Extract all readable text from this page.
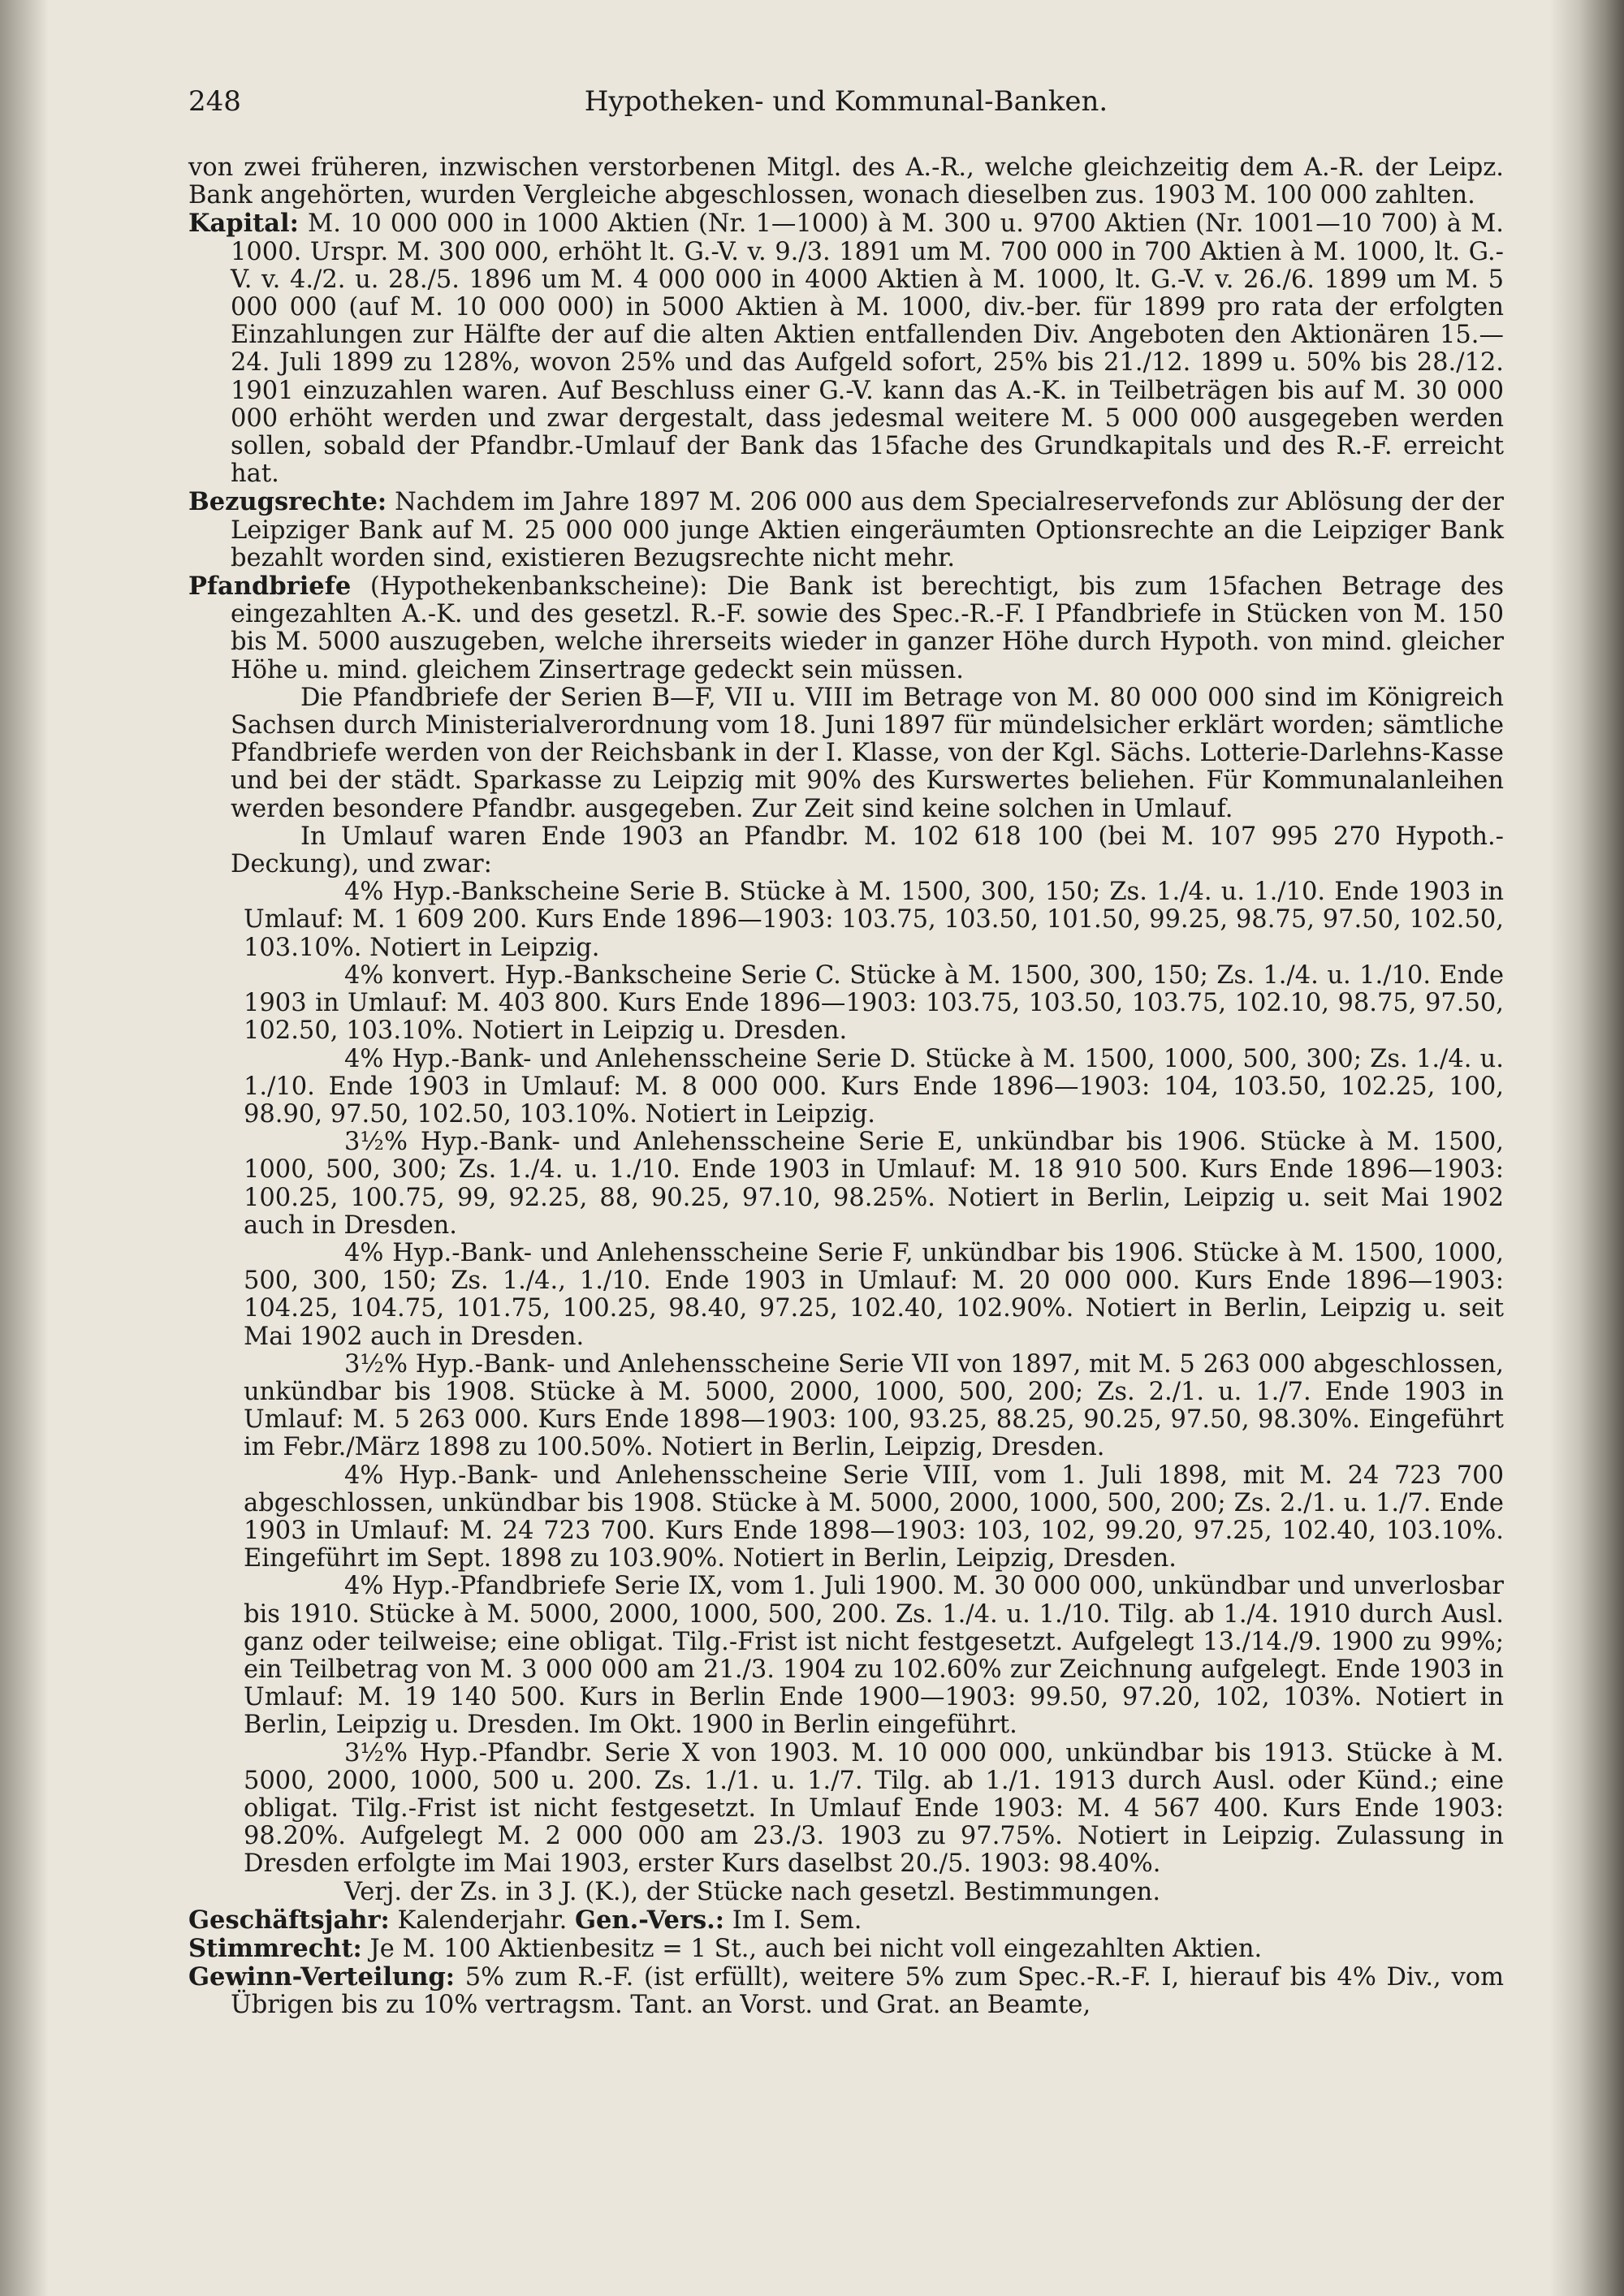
248	Hypotheken- und Kommunal-Banken.

von zwei früheren, inzwischen verstorbenen Mitgl. des A.-R., welche gleichzeitig dem A.-R. der Leipz. Bank angehörten, wurden Vergleiche abgeschlossen, wonach dieselben zus. 1903 M. 100 000 zahlten.

Kapital: M. 10 000 000 in 1000 Aktien (Nr. 1—1000) à M. 300 u. 9700 Aktien (Nr. 1001—10 700) à M. 1000. Urspr. M. 300 000, erhöht lt. G.-V. v. 9./3. 1891 um M. 700 000 in 700 Aktien à M. 1000, lt. G.-V. v. 4./2. u. 28./5. 1896 um M. 4 000 000 in 4000 Aktien à M. 1000, lt. G.-V. v. 26./6. 1899 um M. 5 000 000 (auf M. 10 000 000) in 5000 Aktien à M. 1000, div.-ber. für 1899 pro rata der erfolgten Einzahlungen zur Hälfte der auf die alten Aktien entfallenden Div. Angeboten den Aktionären 15.—24. Juli 1899 zu 128%, wovon 25% und das Aufgeld sofort, 25% bis 21./12. 1899 u. 50% bis 28./12. 1901 einzuzahlen waren. Auf Beschluss einer G.-V. kann das A.-K. in Teilbeträgen bis auf M. 30 000 000 erhöht werden und zwar dergestalt, dass jedesmal weitere M. 5 000 000 ausgegeben werden sollen, sobald der Pfandbr.-Umlauf der Bank das 15fache des Grundkapitals und des R.-F. erreicht hat.

Bezugsrechte: Nachdem im Jahre 1897 M. 206 000 aus dem Specialreservefonds zur Ablösung der der Leipziger Bank auf M. 25 000 000 junge Aktien eingeräumten Optionsrechte an die Leipziger Bank bezahlt worden sind, existieren Bezugsrechte nicht mehr.

Pfandbriefe (Hypothekenbankscheine): Die Bank ist berechtigt, bis zum 15fachen Betrage des eingezahlten A.-K. und des gesetzl. R.-F. sowie des Spec.-R.-F. I Pfandbriefe in Stücken von M. 150 bis M. 5000 auszugeben, welche ihrerseits wieder in ganzer Höhe durch Hypoth. von mind. gleicher Höhe u. mind. gleichem Zinsertrage gedeckt sein müssen.

Die Pfandbriefe der Serien B—F, VII u. VIII im Betrage von M. 80 000 000 sind im Königreich Sachsen durch Ministerialverordnung vom 18. Juni 1897 für mündelsicher erklärt worden; sämtliche Pfandbriefe werden von der Reichsbank in der I. Klasse, von der Kgl. Sächs. Lotterie-Darlehns-Kasse und bei der städt. Sparkasse zu Leipzig mit 90% des Kurswertes beliehen. Für Kommunalanleihen werden besondere Pfandbr. ausgegeben. Zur Zeit sind keine solchen in Umlauf.

In Umlauf waren Ende 1903 an Pfandbr. M. 102 618 100 (bei M. 107 995 270 Hypoth.-Deckung), und zwar:

4% Hyp.-Bankscheine Serie B. Stücke à M. 1500, 300, 150; Zs. 1./4. u. 1./10. Ende 1903 in Umlauf: M. 1 609 200. Kurs Ende 1896—1903: 103.75, 103.50, 101.50, 99.25, 98.75, 97.50, 102.50, 103.10%. Notiert in Leipzig.

4% konvert. Hyp.-Bankscheine Serie C. Stücke à M. 1500, 300, 150; Zs. 1./4. u. 1./10. Ende 1903 in Umlauf: M. 403 800. Kurs Ende 1896—1903: 103.75, 103.50, 103.75, 102.10, 98.75, 97.50, 102.50, 103.10%. Notiert in Leipzig u. Dresden.

4% Hyp.-Bank- und Anlehensscheine Serie D. Stücke à M. 1500, 1000, 500, 300; Zs. 1./4. u. 1./10. Ende 1903 in Umlauf: M. 8 000 000. Kurs Ende 1896—1903: 104, 103.50, 102.25, 100, 98.90, 97.50, 102.50, 103.10%. Notiert in Leipzig.

3½% Hyp.-Bank- und Anlehensscheine Serie E, unkündbar bis 1906. Stücke à M. 1500, 1000, 500, 300; Zs. 1./4. u. 1./10. Ende 1903 in Umlauf: M. 18 910 500. Kurs Ende 1896—1903: 100.25, 100.75, 99, 92.25, 88, 90.25, 97.10, 98.25%. Notiert in Berlin, Leipzig u. seit Mai 1902 auch in Dresden.

4% Hyp.-Bank- und Anlehensscheine Serie F, unkündbar bis 1906. Stücke à M. 1500, 1000, 500, 300, 150; Zs. 1./4., 1./10. Ende 1903 in Umlauf: M. 20 000 000. Kurs Ende 1896—1903: 104.25, 104.75, 101.75, 100.25, 98.40, 97.25, 102.40, 102.90%. Notiert in Berlin, Leipzig u. seit Mai 1902 auch in Dresden.

3½% Hyp.-Bank- und Anlehensscheine Serie VII von 1897, mit M. 5 263 000 abgeschlossen, unkündbar bis 1908. Stücke à M. 5000, 2000, 1000, 500, 200; Zs. 2./1. u. 1./7. Ende 1903 in Umlauf: M. 5 263 000. Kurs Ende 1898—1903: 100, 93.25, 88.25, 90.25, 97.50, 98.30%. Eingeführt im Febr./März 1898 zu 100.50%. Notiert in Berlin, Leipzig, Dresden.

4% Hyp.-Bank- und Anlehensscheine Serie VIII, vom 1. Juli 1898, mit M. 24 723 700 abgeschlossen, unkündbar bis 1908. Stücke à M. 5000, 2000, 1000, 500, 200; Zs. 2./1. u. 1./7. Ende 1903 in Umlauf: M. 24 723 700. Kurs Ende 1898—1903: 103, 102, 99.20, 97.25, 102.40, 103.10%. Eingeführt im Sept. 1898 zu 103.90%. Notiert in Berlin, Leipzig, Dresden.

4% Hyp.-Pfandbriefe Serie IX, vom 1. Juli 1900. M. 30 000 000, unkündbar und unverlosbar bis 1910. Stücke à M. 5000, 2000, 1000, 500, 200. Zs. 1./4. u. 1./10. Tilg. ab 1./4. 1910 durch Ausl. ganz oder teilweise; eine obligat. Tilg.-Frist ist nicht festgesetzt. Aufgelegt 13./14./9. 1900 zu 99%; ein Teilbetrag von M. 3 000 000 am 21./3. 1904 zu 102.60% zur Zeichnung aufgelegt. Ende 1903 in Umlauf: M. 19 140 500. Kurs in Berlin Ende 1900—1903: 99.50, 97.20, 102, 103%. Notiert in Berlin, Leipzig u. Dresden. Im Okt. 1900 in Berlin eingeführt.

3½% Hyp.-Pfandbr. Serie X von 1903. M. 10 000 000, unkündbar bis 1913. Stücke à M. 5000, 2000, 1000, 500 u. 200. Zs. 1./1. u. 1./7. Tilg. ab 1./1. 1913 durch Ausl. oder Künd.; eine obligat. Tilg.-Frist ist nicht festgesetzt. In Umlauf Ende 1903: M. 4 567 400. Kurs Ende 1903: 98.20%. Aufgelegt M. 2 000 000 am 23./3. 1903 zu 97.75%. Notiert in Leipzig. Zulassung in Dresden erfolgte im Mai 1903, erster Kurs daselbst 20./5. 1903: 98.40%.

Verj. der Zs. in 3 J. (K.), der Stücke nach gesetzl. Bestimmungen.

Geschäftsjahr: Kalenderjahr. Gen.-Vers.: Im I. Sem.

Stimmrecht: Je M. 100 Aktienbesitz = 1 St., auch bei nicht voll eingezahlten Aktien.

Gewinn-Verteilung: 5% zum R.-F. (ist erfüllt), weitere 5% zum Spec.-R.-F. I, hierauf bis 4% Div., vom Übrigen bis zu 10% vertragsm. Tant. an Vorst. und Grat. an Beamte,
